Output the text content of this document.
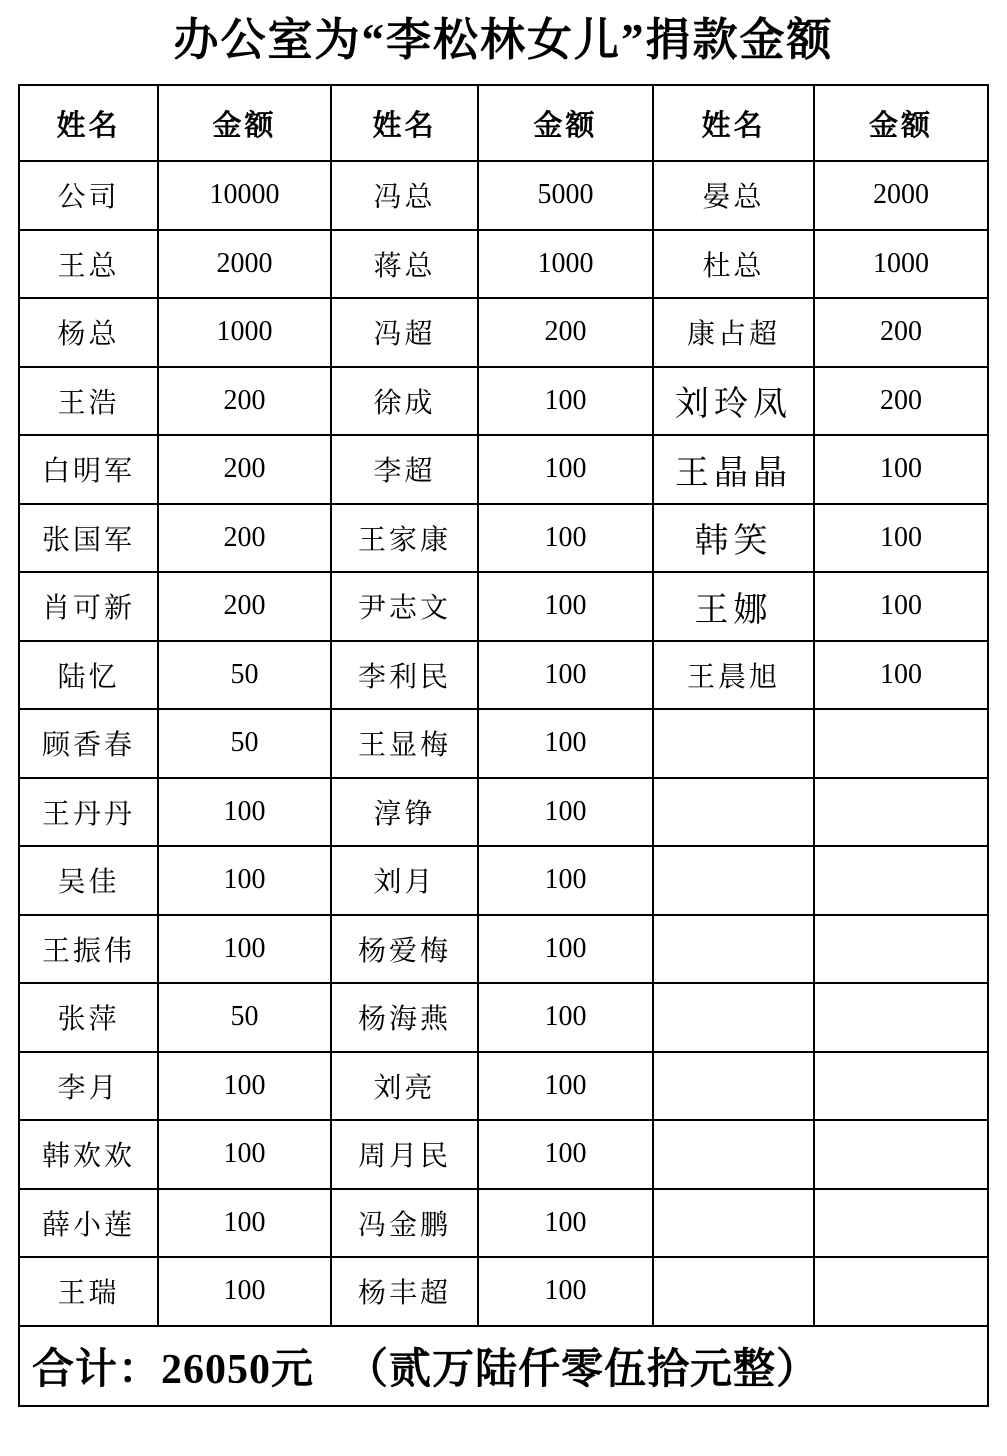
办公室为“李松林女儿”捐款金额
姓名	金额	姓名	金额	姓名	金额
公司	10000	冯总	5000	晏总	2000
王总	2000	蒋总	1000	杜总	1000
杨总	1000	冯超	200	康占超	200
王浩	200	徐成	100	刘玲凤	200
白明军	200	李超	100	王晶晶	100
张国军	200	王家康	100	韩笑	100
肖可新	200	尹志文	100	王娜	100
陆忆	50	李利民	100	王晨旭	100
顾香春	50	王显梅	100		
王丹丹	100	淳铮	100		
吴佳	100	刘月	100		
王振伟	100	杨爱梅	100		
张萍	50	杨海燕	100		
李月	100	刘亮	100		
韩欢欢	100	周月民	100		
薛小莲	100	冯金鹏	100		
王瑞	100	杨丰超	100		
合计：26050元 （贰万陆仟零伍拾元整）					
